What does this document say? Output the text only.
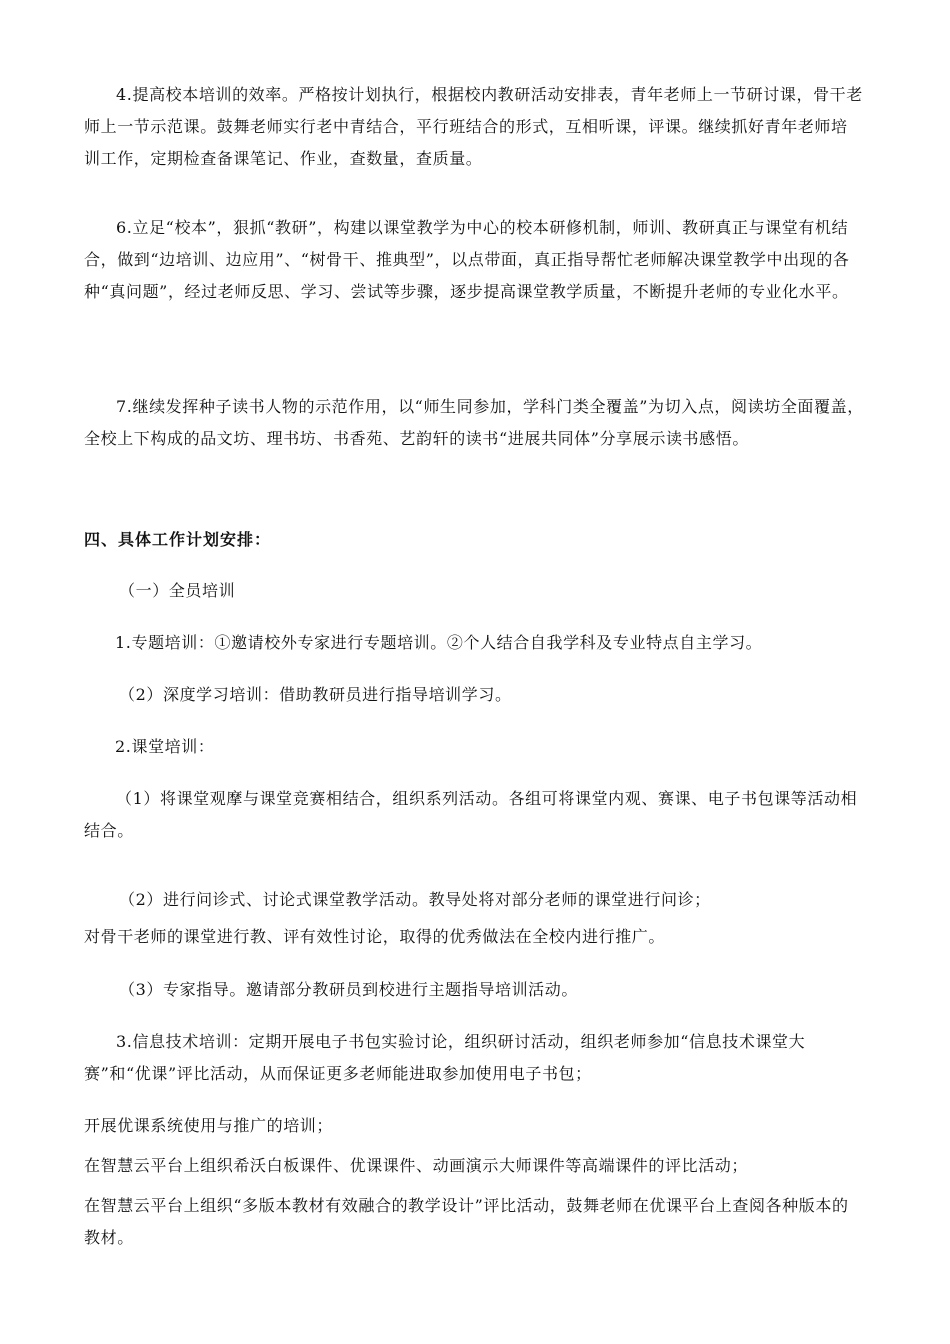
4.提高校本培训的效率。严格按计划执行，根据校内教研活动安排表，青年老师上一节研讨课，骨干老师上一节示范课。鼓舞老师实行老中青结合，平行班结合的形式，互相听课，评课。继续抓好青年老师培训工作，定期检查备课笔记、作业，查数量，查质量。

6.立足“校本”，狠抓“教研”，构建以课堂教学为中心的校本研修机制，师训、教研真正与课堂有机结合，做到“边培训、边应用”、“树骨干、推典型”，以点带面，真正指导帮忙老师解决课堂教学中出现的各种“真问题”，经过老师反思、学习、尝试等步骤，逐步提高课堂教学质量，不断提升老师的专业化水平。

7.继续发挥种子读书人物的示范作用，以“师生同参加，学科门类全覆盖”为切入点，阅读坊全面覆盖，全校上下构成的品文坊、理书坊、书香苑、艺韵轩的读书“进展共同体”分享展示读书感悟。

四、具体工作计划安排：

（一）全员培训

1.专题培训：①邀请校外专家进行专题培训。②个人结合自我学科及专业特点自主学习。

（2）深度学习培训：借助教研员进行指导培训学习。

2.课堂培训：

（1）将课堂观摩与课堂竞赛相结合，组织系列活动。各组可将课堂内观、赛课、电子书包课等活动相结合。

（2）进行问诊式、讨论式课堂教学活动。教导处将对部分老师的课堂进行问诊；

对骨干老师的课堂进行教、评有效性讨论，取得的优秀做法在全校内进行推广。

（3）专家指导。邀请部分教研员到校进行主题指导培训活动。

3.信息技术培训：定期开展电子书包实验讨论，组织研讨活动，组织老师参加“信息技术课堂大赛”和“优课”评比活动，从而保证更多老师能进取参加使用电子书包；

开展优课系统使用与推广的培训；

在智慧云平台上组织希沃白板课件、优课课件、动画演示大师课件等高端课件的评比活动；

在智慧云平台上组织“多版本教材有效融合的教学设计”评比活动，鼓舞老师在优课平台上查阅各种版本的教材。
